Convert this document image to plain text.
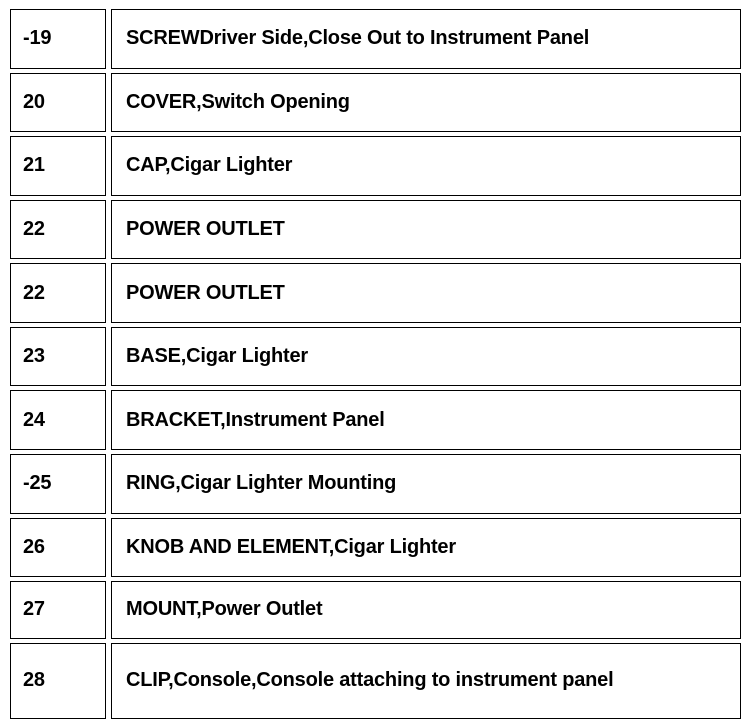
-19	SCREWDriver Side,Close Out to Instrument Panel
20	COVER,Switch Opening
21	CAP,Cigar Lighter
22	POWER OUTLET
22	POWER OUTLET
23	BASE,Cigar Lighter
24	BRACKET,Instrument Panel
-25	RING,Cigar Lighter Mounting
26	KNOB AND ELEMENT,Cigar Lighter
27	MOUNT,Power Outlet
28	CLIP,Console,Console attaching to instrument panel
